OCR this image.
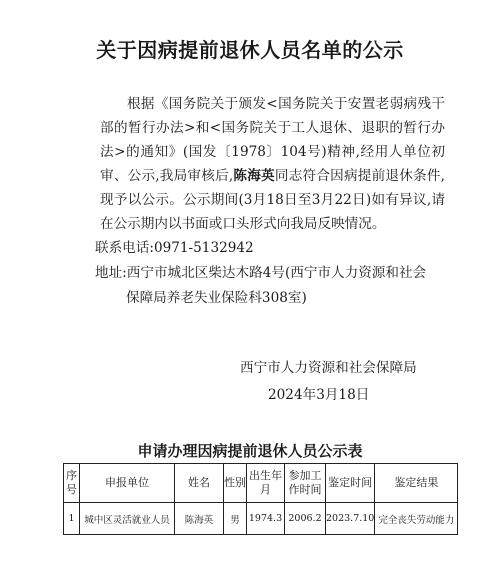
关于因病提前退休人员名单的公示
根据《国务院关于颁发<国务院关于安置老弱病残干部的暂行办法>和<国务院关于工人退休、退职的暂行办法>的通知》(国发〔1978〕104号)精神,经用人单位初审、公示,我局审核后,陈海英同志符合因病提前退休条件,现予以公示。公示期间(3月18日至3月22日)如有异议,请在公示期内以书面或口头形式向我局反映情况。
联系电话:0971-5132942
地址:西宁市城北区柴达木路4号(西宁市人力资源和社会
保障局养老失业保险科308室)
西宁市人力资源和社会保障局
2024年3月18日
申请办理因病提前退休人员公示表
序号	申报单位	姓名	性别	出生年月	参加工作时间	鉴定时间	鉴定结果
1	城中区灵活就业人员	陈海英	男	1974.3	2006.2	2023.7.10	完全丧失劳动能力
